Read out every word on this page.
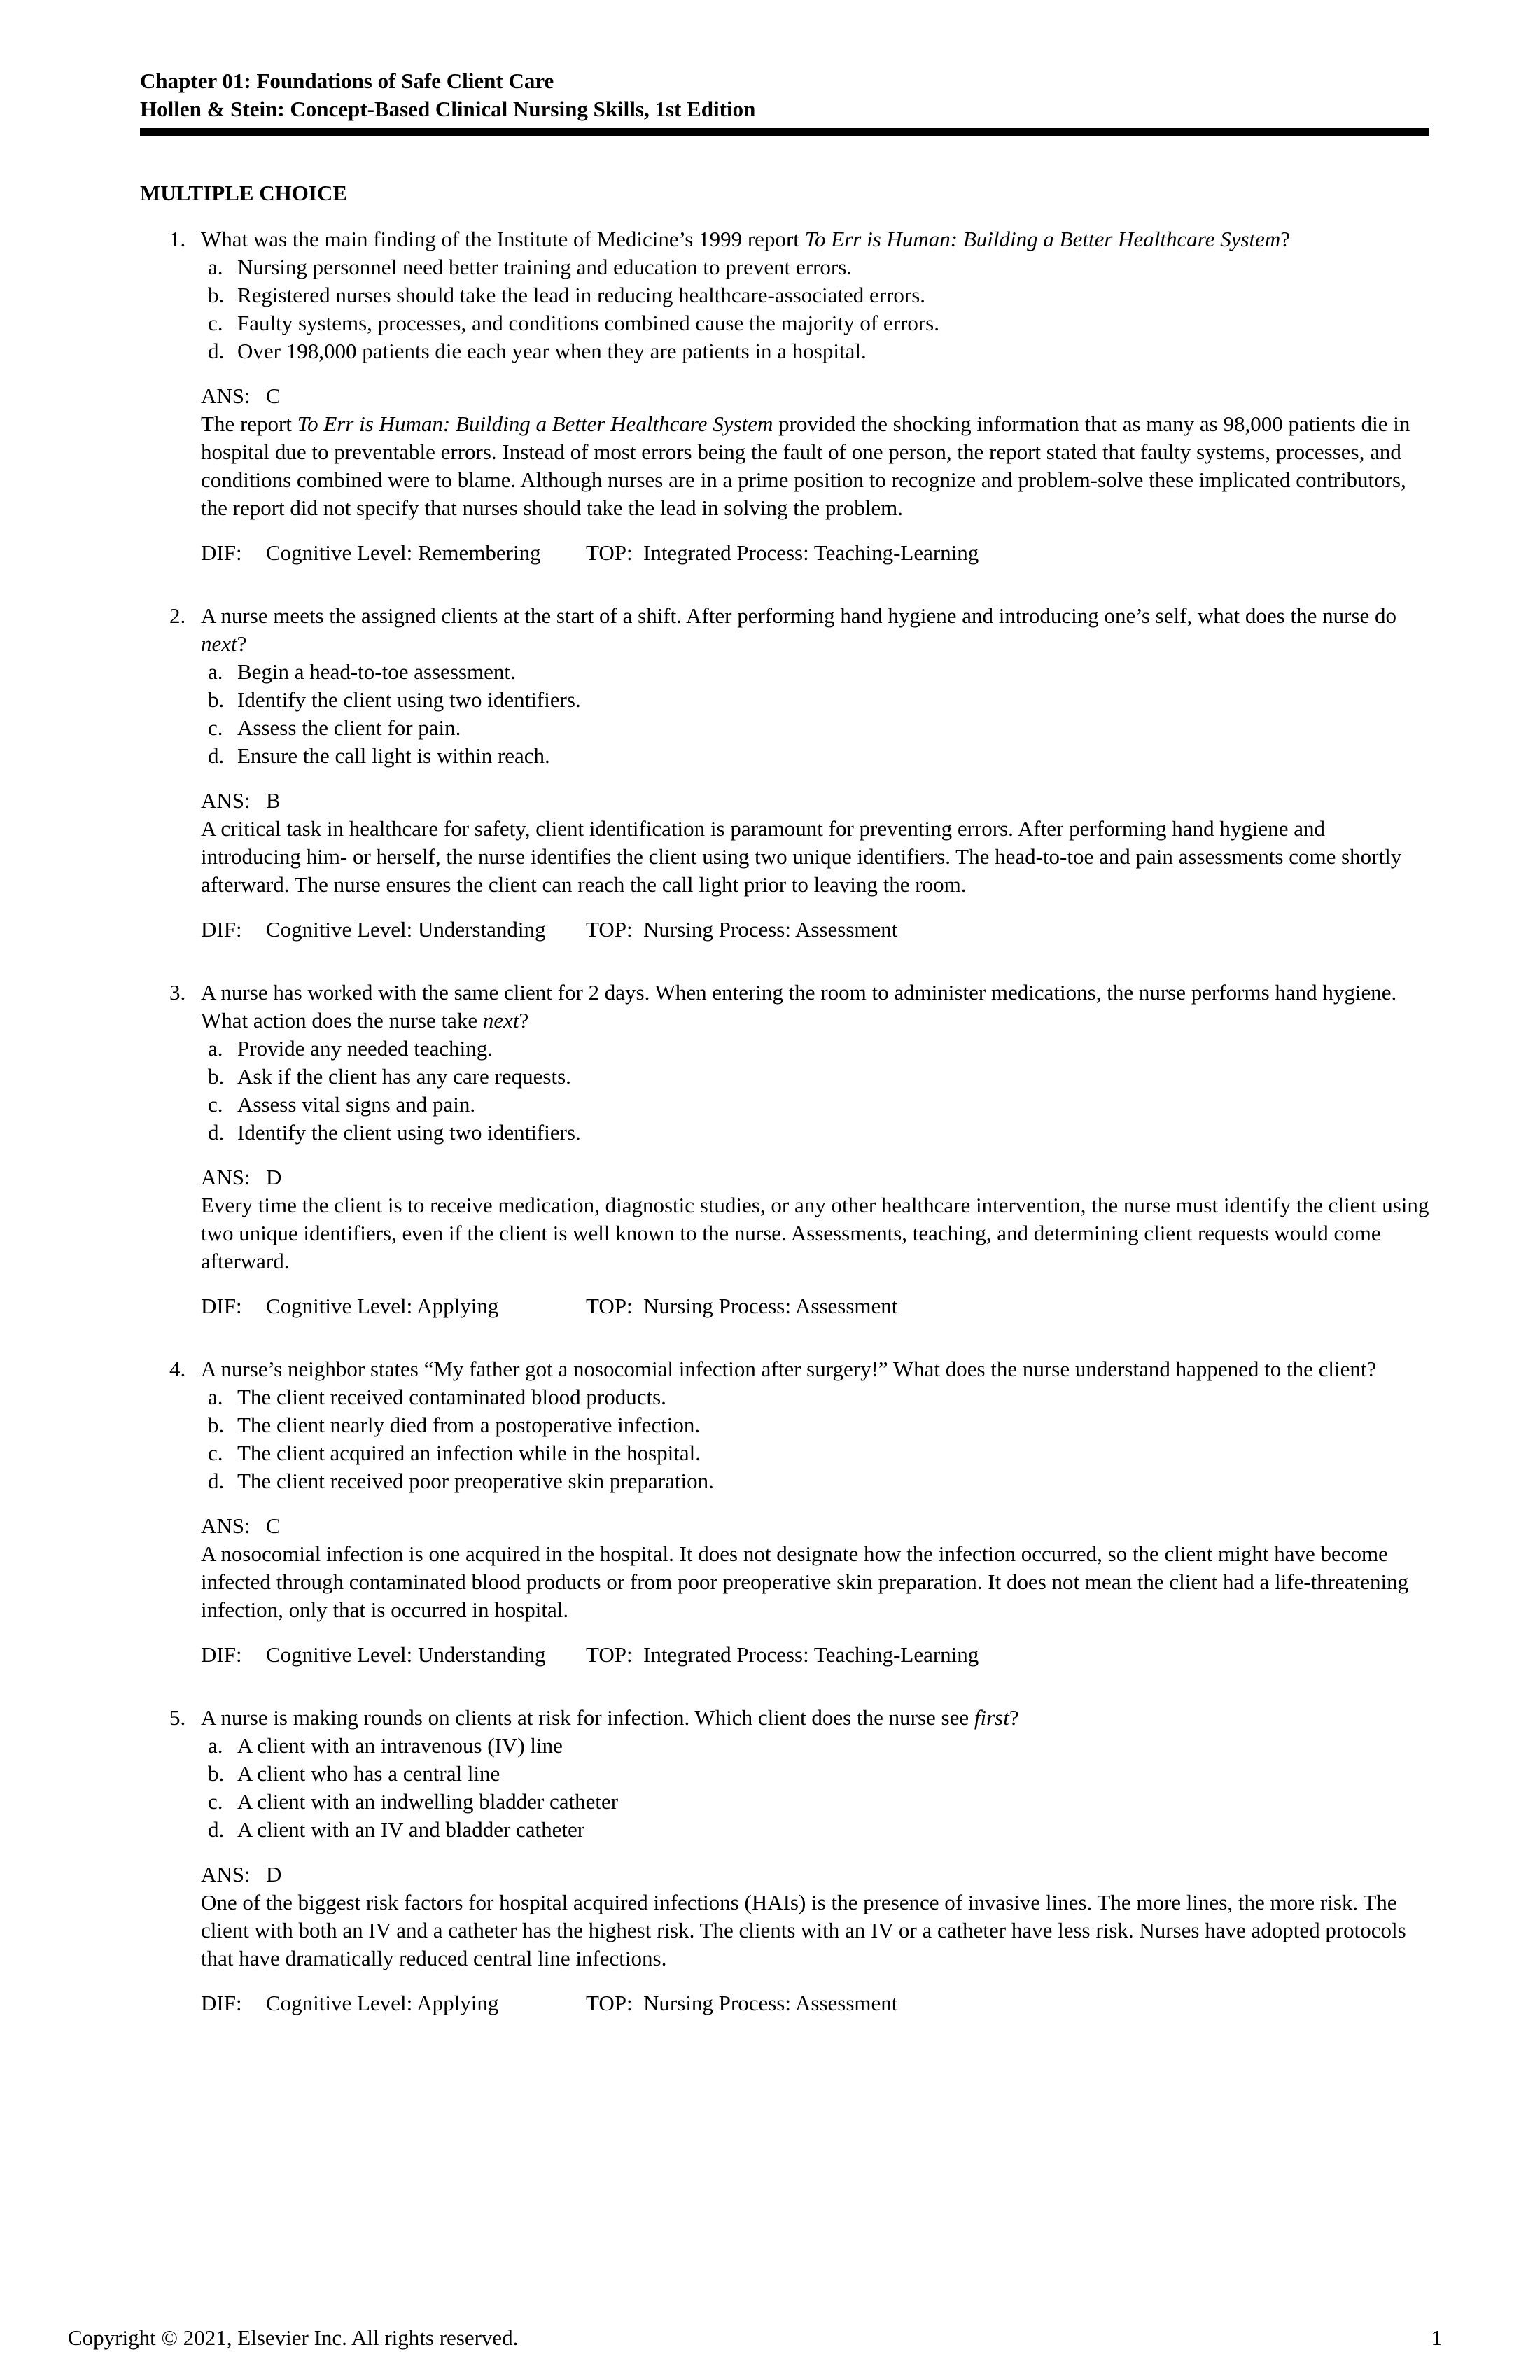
Chapter 01: Foundations of Safe Client Care
Hollen & Stein: Concept-Based Clinical Nursing Skills, 1st Edition
MULTIPLE CHOICE
1. What was the main finding of the Institute of Medicine’s 1999 report To Err is Human: Building a Better Healthcare System?
a. Nursing personnel need better training and education to prevent errors.
b. Registered nurses should take the lead in reducing healthcare-associated errors.
c. Faulty systems, processes, and conditions combined cause the majority of errors.
d. Over 198,000 patients die each year when they are patients in a hospital.
ANS: C
The report To Err is Human: Building a Better Healthcare System provided the shocking information that as many as 98,000 patients die in hospital due to preventable errors. Instead of most errors being the fault of one person, the report stated that faulty systems, processes, and conditions combined were to blame. Although nurses are in a prime position to recognize and problem-solve these implicated contributors, the report did not specify that nurses should take the lead in solving the problem.
DIF:	Cognitive Level: Remembering	TOP: Integrated Process: Teaching-Learning
2. A nurse meets the assigned clients at the start of a shift. After performing hand hygiene and introducing one’s self, what does the nurse do next?
a. Begin a head-to-toe assessment.
b. Identify the client using two identifiers.
c. Assess the client for pain.
d. Ensure the call light is within reach.
ANS: B
A critical task in healthcare for safety, client identification is paramount for preventing errors. After performing hand hygiene and introducing him- or herself, the nurse identifies the client using two unique identifiers. The head-to-toe and pain assessments come shortly afterward. The nurse ensures the client can reach the call light prior to leaving the room.
DIF:	Cognitive Level: Understanding	TOP: Nursing Process: Assessment
3. A nurse has worked with the same client for 2 days. When entering the room to administer medications, the nurse performs hand hygiene. What action does the nurse take next?
a. Provide any needed teaching.
b. Ask if the client has any care requests.
c. Assess vital signs and pain.
d. Identify the client using two identifiers.
ANS: D
Every time the client is to receive medication, diagnostic studies, or any other healthcare intervention, the nurse must identify the client using two unique identifiers, even if the client is well known to the nurse. Assessments, teaching, and determining client requests would come afterward.
DIF:	Cognitive Level: Applying	TOP: Nursing Process: Assessment
4. A nurse’s neighbor states “My father got a nosocomial infection after surgery!” What does the nurse understand happened to the client?
a. The client received contaminated blood products.
b. The client nearly died from a postoperative infection.
c. The client acquired an infection while in the hospital.
d. The client received poor preoperative skin preparation.
ANS: C
A nosocomial infection is one acquired in the hospital. It does not designate how the infection occurred, so the client might have become infected through contaminated blood products or from poor preoperative skin preparation. It does not mean the client had a life-threatening infection, only that is occurred in hospital.
DIF:	Cognitive Level: Understanding	TOP: Integrated Process: Teaching-Learning
5. A nurse is making rounds on clients at risk for infection. Which client does the nurse see first?
a. A client with an intravenous (IV) line
b. A client who has a central line
c. A client with an indwelling bladder catheter
d. A client with an IV and bladder catheter
ANS: D
One of the biggest risk factors for hospital acquired infections (HAIs) is the presence of invasive lines. The more lines, the more risk. The client with both an IV and a catheter has the highest risk. The clients with an IV or a catheter have less risk. Nurses have adopted protocols that have dramatically reduced central line infections.
DIF:	Cognitive Level: Applying	TOP: Nursing Process: Assessment
Copyright © 2021, Elsevier Inc. All rights reserved.	1
